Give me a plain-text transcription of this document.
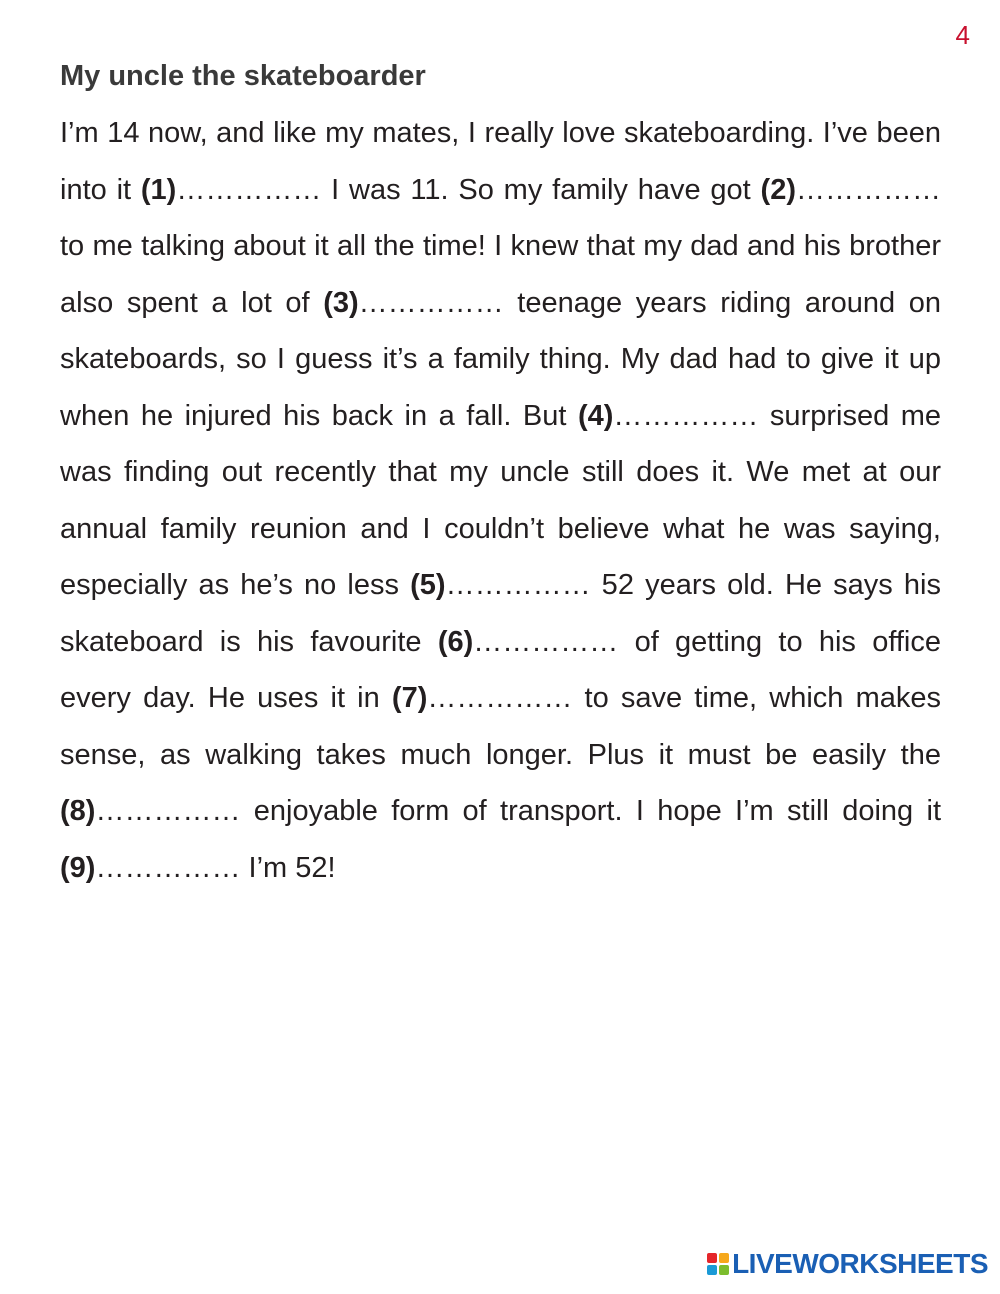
4
My uncle the skateboarder

I’m 14 now, and like my mates, I really love skateboarding. I’ve been into it (1)…………… I was 11. So my family have got (2)…………… to me talking about it all the time! I knew that my dad and his brother also spent a lot of (3)…………… teenage years riding around on skateboards, so I guess it’s a family thing. My dad had to give it up when he injured his back in a fall. But (4)…………… surprised me was finding out recently that my uncle still does it. We met at our annual family reunion and I couldn’t believe what he was saying, especially as he’s no less (5)…………… 52 years old. He says his skateboard is his favourite (6)…………… of getting to his office every day. He uses it in (7)…………… to save time, which makes sense, as walking takes much longer. Plus it must be easily the (8)…………… enjoyable form of transport. I hope I’m still doing it (9)…………… I’m 52!

LIVEWORKSHEETS
